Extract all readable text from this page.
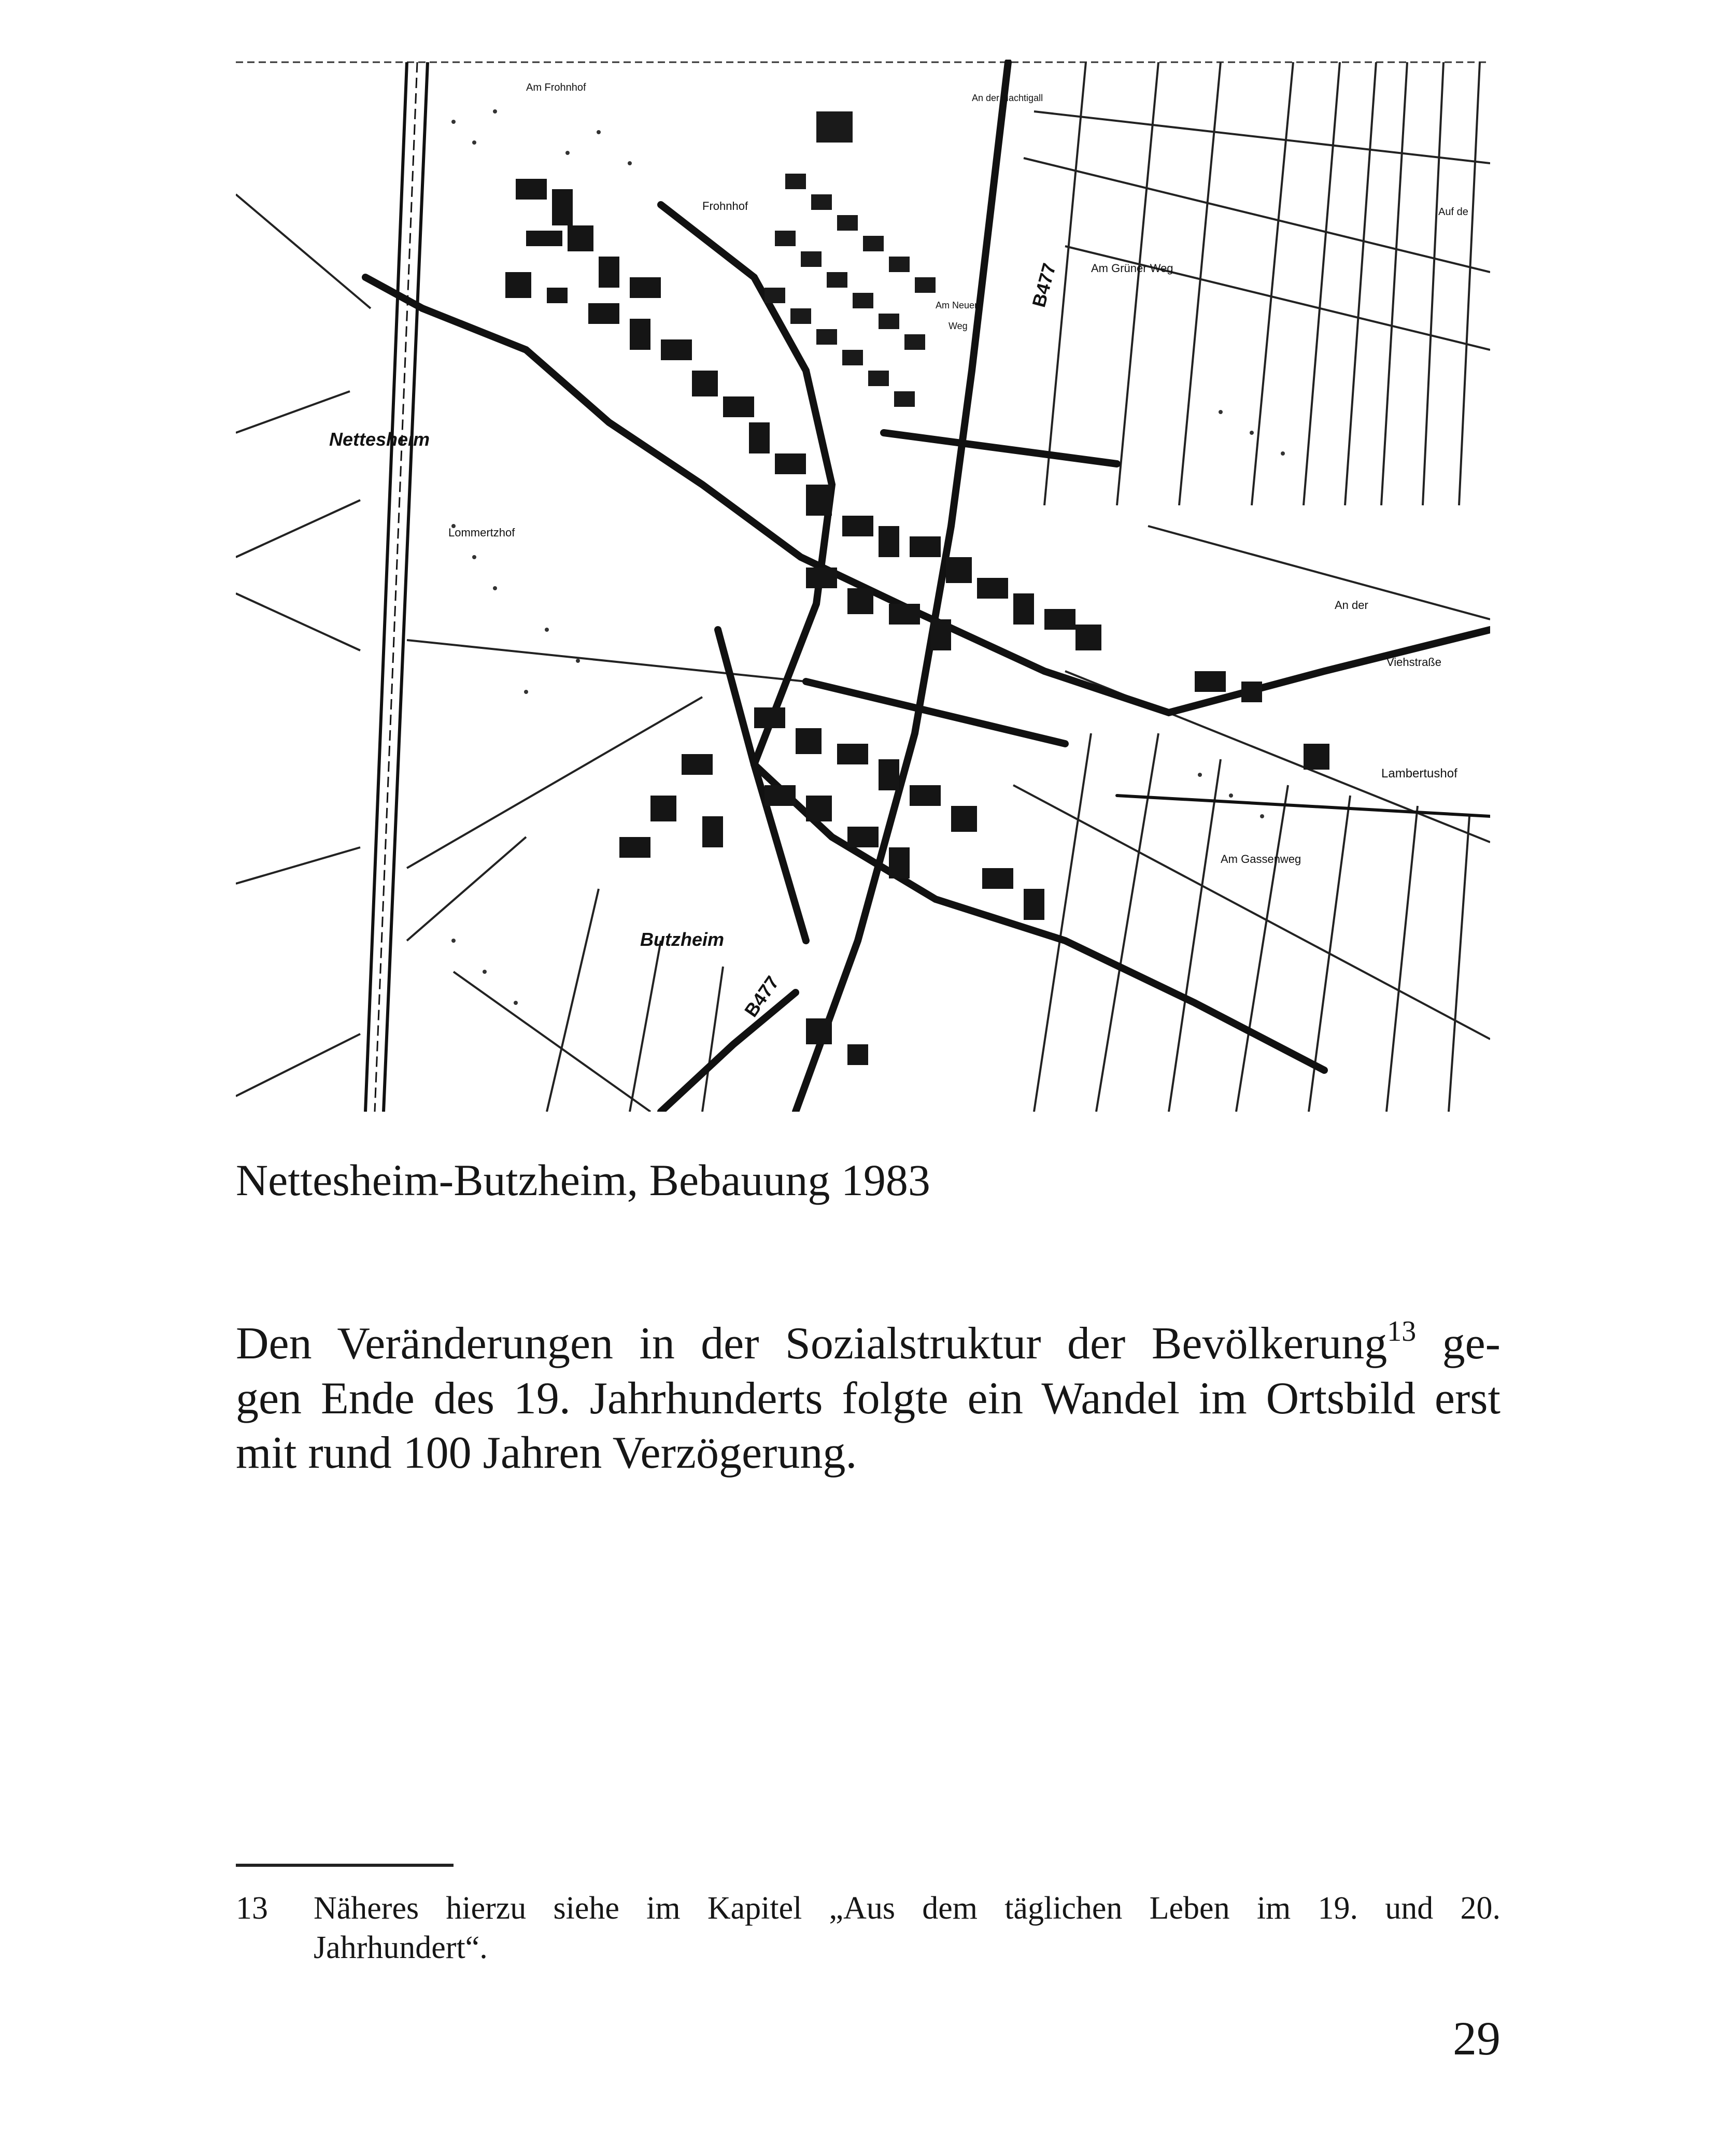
Nettesheim
Butzheim
Frohnhof
Lommertzhof
Lambertushof
Am Frohnhof
Am Neuen
Weg
Am Grüner Weg
An der Nachtigall
B477
B477
An der
Viehstraße
Am Gassenweg
Auf de
Nettesheim-Butzheim, Bebauung 1983
Den Veränderungen in der Sozialstruktur der Bevölkerung$^{13}$ ge-
gen Ende des 19. Jahrhunderts folgte ein Wandel im Ortsbild erst
mit rund 100 Jahren Verzögerung.
13	Näheres hierzu siehe im Kapitel „Aus dem täglichen Leben im 19. und 20.
Jahrhundert“.
29
